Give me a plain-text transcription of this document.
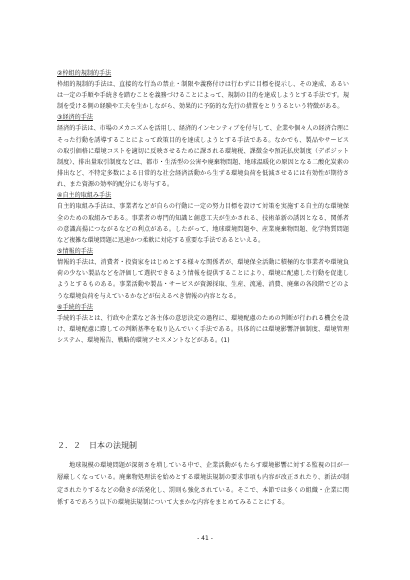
②枠組的規制的手法

枠組的規制的手法は、直接的な行為の禁止・制限や義務付けは行わずに目標を提示し、その達成、あるいは一定の手順や手続きを踏むことを義務づけることによって、規制の目的を達成しようとする手法です。規制を受ける側の経験や工夫を生かしながら、効果的に予防的な先行の措置をとりうるという特徴がある。

③経済的手法

経済的手法は、市場のメカニズムを活用し、経済的インセンティブを付与して、企業や個々人の経済合理にそった行動を誘導することによって政策目的を達成しようとする手法である。なかでも、製品やサービスの取引価格に環境コストを適切に反映させるために課される環境税、課徴金や預託払戻制度（デポジット制度）、排出量取引制度などは、都市・生活型の公害や廃棄物問題、地球温暖化の原因となる二酸化炭素の排出など、不特定多数による日常的な社会経済活動から生ずる環境負荷を低減させるには有効性が期待され、また資源の効率的配分にも寄与する。

④自主的取組み手法

自主的取組み手法は、事業者などが自らの行動に一定の努力目標を設けて対策を実施する自主的な環境保全のための取組みである。事業者の専門的知識と創意工夫が生かされる、技術革新の誘因となる、関係者の意識高揚につながるなどの利点がある。したがって、地球環境問題や、産業廃棄物問題、化学物質問題など複雑な環境問題に迅速かつ柔軟に対応する重要な手法であるといえる。

⑤情報的手法

情報的手法は、消費者・投資家をはじめとする様々な関係者が、環境保全活動に積極的な事業者や環境負荷の少ない製品などを評価して選択できるよう情報を提供することにより、環境に配慮した行動を促進しようとするものある。事業活動や製品・サービスが資源採取、生産、流通、消費、廃棄の各段階でどのような環境負荷を与えているかなどが伝えるべき情報の内容となる。

⑥手続的手法

手続的手法とは、行政や企業など各主体の意思決定の過程に、環境配慮のための判断が行われる機会を設け、環境配慮に際しての判断基準を取り込んでいく手法である。具体的には環境影響評価制度、環境管理システム、環境報告、戦略的環境アセスメントなどがある。(1)

２．２　日本の法規制

地球規模の環境問題が深刻さを増している中で、企業活動がもたらす環境影響に対する監視の目が一層厳しくなっている。廃棄物処理法を始めとする環境法規制の要求事項も内容が改正されたり、新法が制定されたりするなどの動きが活発化し、罰則も強化されている。そこで、本節では多くの組織・企業に関係するであろう以下の環境法規制について大まかな内容をまとめてみることにする。

- 41 -
